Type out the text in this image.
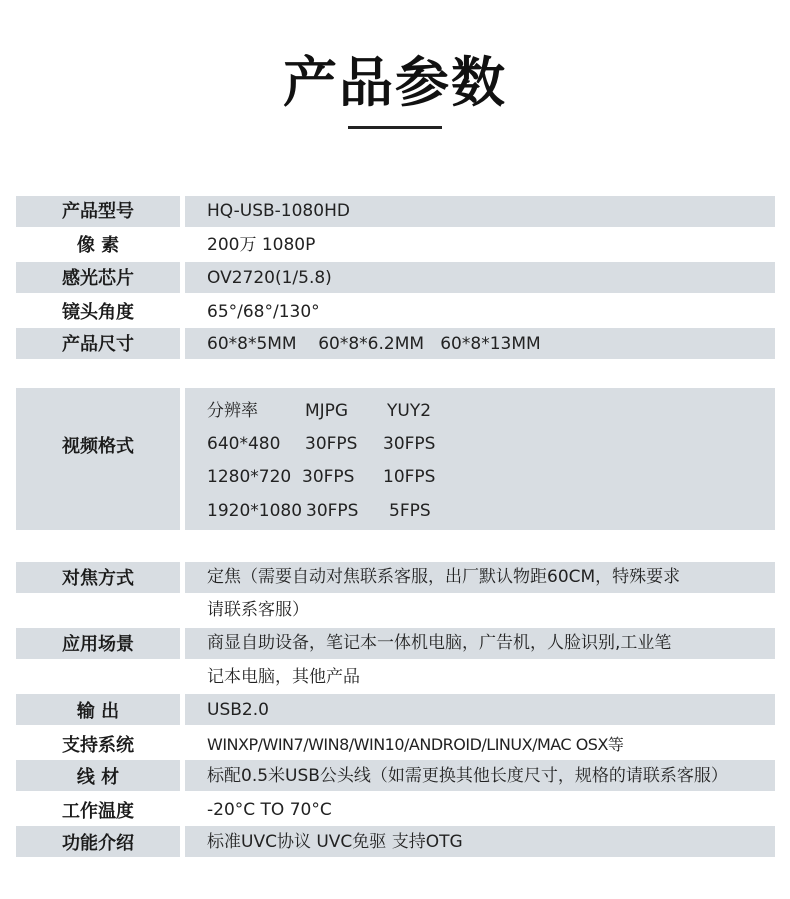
产品参数
产品型号	HQ-USB-1080HD
像 素	200万 1080P
感光芯片	OV2720(1/5.8)
镜头角度	65°/68°/130°
产品尺寸	60*8*5MM    60*8*6.2MM   60*8*13MM
视频格式
分辨率	MJPG YUY2
640*480 30FPS 30FPS
1280*720 30FPS 10FPS
1920*1080 30FPS 5FPS
对焦方式	定焦（需要自动对焦联系客服，出厂默认物距60CM，特殊要求
请联系客服）
应用场景	商显自助设备，笔记本一体机电脑，广告机，人脸识别,工业笔
记本电脑，其他产品
输 出	USB2.0
支持系统	WINXP/WIN7/WIN8/WIN10/ANDROID/LINUX/MAC OSX等
线 材	标配0.5米USB公头线（如需更换其他长度尺寸，规格的请联系客服）
工作温度	-20°C TO 70°C
功能介绍	标准UVC协议 UVC免驱 支持OTG
